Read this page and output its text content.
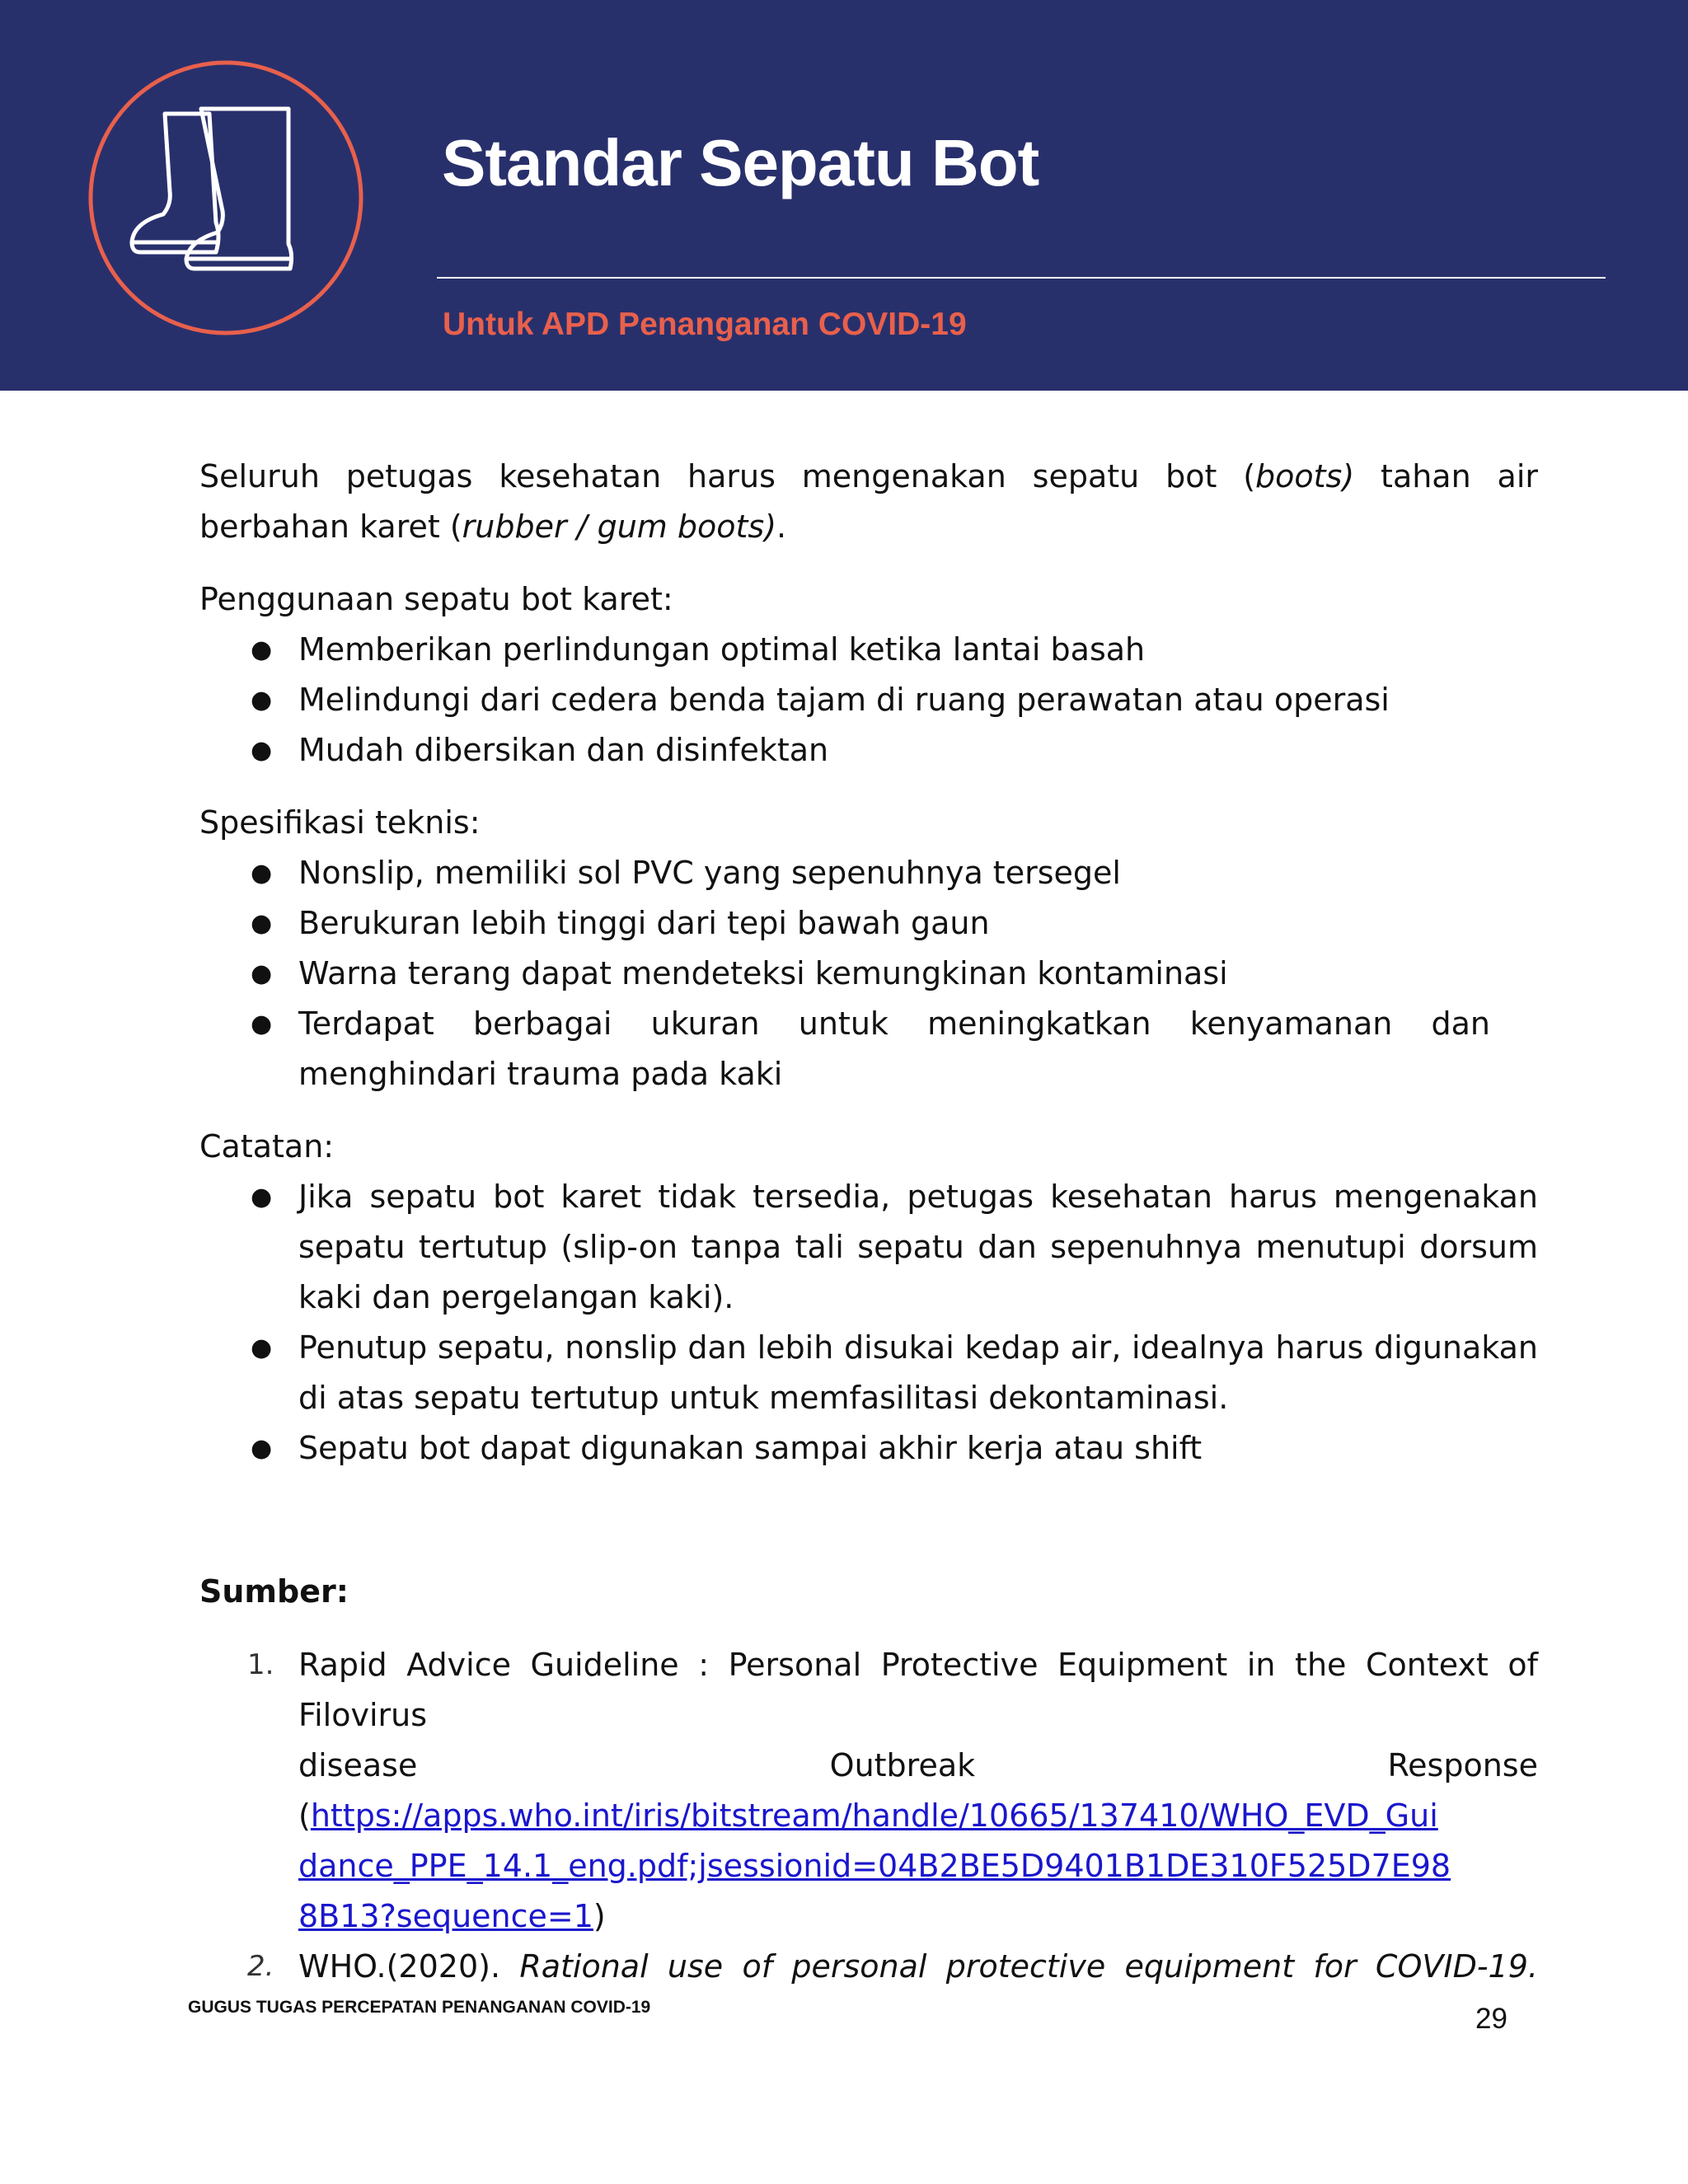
Standar Sepatu Bot
Untuk APD Penanganan COVID-19

Seluruh petugas kesehatan harus mengenakan sepatu bot (boots) tahan air berbahan karet (rubber / gum boots).

Penggunaan sepatu bot karet:

● Memberikan perlindungan optimal ketika lantai basah
● Melindungi dari cedera benda tajam di ruang perawatan atau operasi
● Mudah dibersikan dan disinfektan

Spesifikasi teknis:

● Nonslip, memiliki sol PVC yang sepenuhnya tersegel
● Berukuran lebih tinggi dari tepi bawah gaun
● Warna terang dapat mendeteksi kemungkinan kontaminasi
● Terdapat berbagai ukuran untuk meningkatkan kenyamanan dan
menghindari trauma pada kaki

Catatan:

● Jika sepatu bot karet tidak tersedia, petugas kesehatan harus mengenakan sepatu tertutup (slip-on tanpa tali sepatu dan sepenuhnya menutupi dorsum kaki dan pergelangan kaki).
● Penutup sepatu, nonslip dan lebih disukai kedap air, idealnya harus digunakan di atas sepatu tertutup untuk memfasilitasi dekontaminasi.
● Sepatu bot dapat digunakan sampai akhir kerja atau shift

Sumber:

1. Rapid Advice Guideline : Personal Protective Equipment in the Context of Filovirus
disease Outbreak Response
(https://apps.who.int/iris/bitstream/handle/10665/137410/WHO_EVD_Guidance_PPE_14.1_eng.pdf;jsessionid=04B2BE5D9401B1DE310F525D7E988B13?sequence=1)
2. WHO.(2020). Rational use of personal protective equipment for COVID-19.
GUGUS TUGAS PERCEPATAN PENANGANAN COVID-19	29
